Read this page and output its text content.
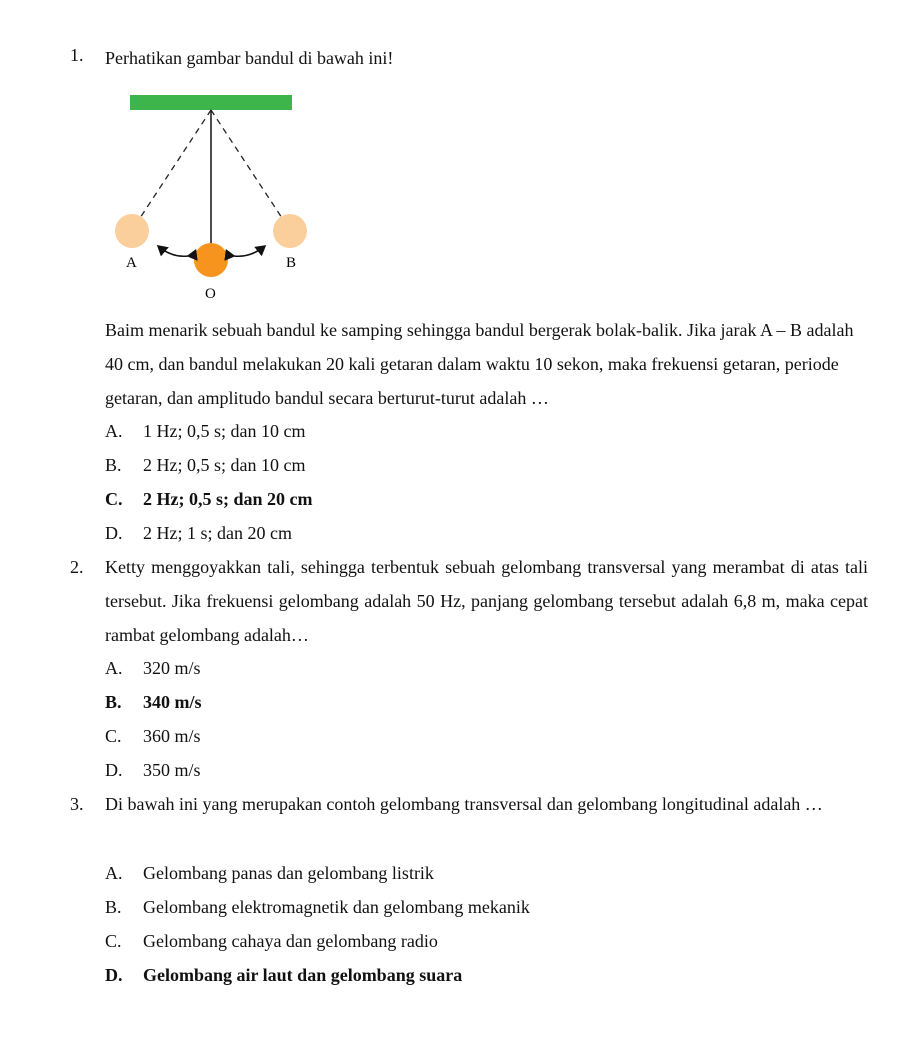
1. Perhatikan gambar bandul di bawah ini!
A	B
O
Baim menarik sebuah bandul ke samping sehingga bandul bergerak bolak-balik. Jika jarak A – B adalah 40 cm, dan bandul melakukan 20 kali getaran dalam waktu 10 sekon, maka frekuensi getaran, periode getaran, dan amplitudo bandul secara berturut-turut adalah …
A. 1 Hz; 0,5 s; dan 10 cm
B. 2 Hz; 0,5 s; dan 10 cm
C. 2 Hz; 0,5 s; dan 20 cm
D. 2 Hz; 1 s; dan 20 cm
2. Ketty menggoyakkan tali, sehingga terbentuk sebuah gelombang transversal yang merambat di atas tali tersebut. Jika frekuensi gelombang adalah 50 Hz, panjang gelombang tersebut adalah 6,8 m, maka cepat rambat gelombang adalah…
A. 320 m/s
B. 340 m/s
C. 360 m/s
D. 350 m/s
3. Di bawah ini yang merupakan contoh gelombang transversal dan gelombang longitudinal adalah …
A. Gelombang panas dan gelombang listrik
B. Gelombang elektromagnetik dan gelombang mekanik
C. Gelombang cahaya dan gelombang radio
D. Gelombang air laut dan gelombang suara
